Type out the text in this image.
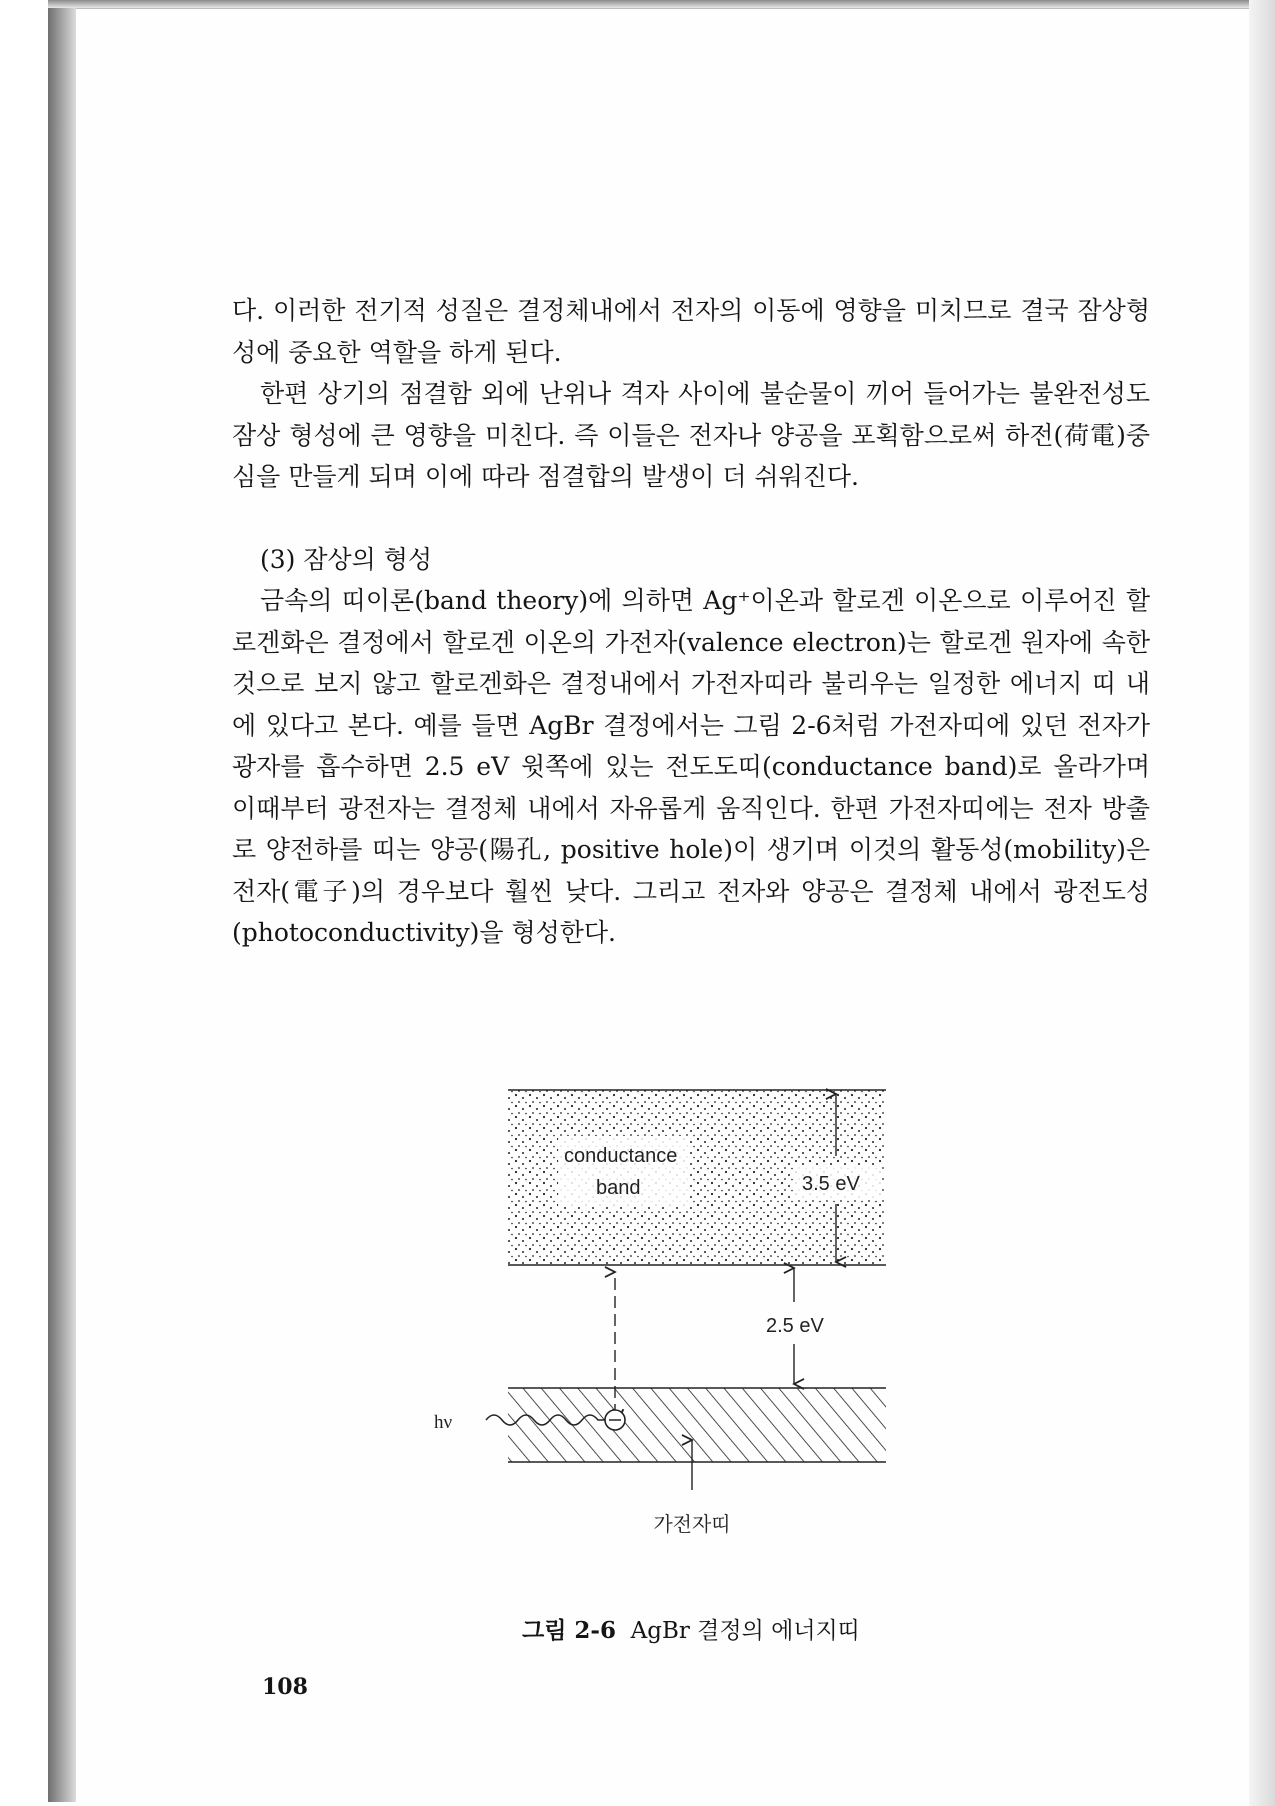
다. 이러한 전기적 성질은 결정체내에서 전자의 이동에 영향을 미치므로 결국 잠상형성에 중요한 역할을 하게 된다.

한편 상기의 점결함 외에 난위나 격자 사이에 불순물이 끼어 들어가는 불완전성도 잠상 형성에 큰 영향을 미친다. 즉 이들은 전자나 양공을 포획함으로써 하전(荷電)중심을 만들게 되며 이에 따라 점결합의 발생이 더 쉬워진다.

(3) 잠상의 형성

금속의 띠이론(band theory)에 의하면 Ag⁺이온과 할로겐 이온으로 이루어진 할로겐화은 결정에서 할로겐 이온의 가전자(valence electron)는 할로겐 원자에 속한 것으로 보지 않고 할로겐화은 결정내에서 가전자띠라 불리우는 일정한 에너지 띠 내에 있다고 본다. 예를 들면 AgBr 결정에서는 그림 2-6처럼 가전자띠에 있던 전자가 광자를 흡수하면 2.5 eV 윗쪽에 있는 전도도띠(conductance band)로 올라가며 이때부터 광전자는 결정체 내에서 자유롭게 움직인다. 한편 가전자띠에는 전자 방출로 양전하를 띠는 양공(陽孔, positive hole)이 생기며 이것의 활동성(mobility)은 전자(電子)의 경우보다 훨씬 낮다. 그리고 전자와 양공은 결정체 내에서 광전도성(photoconductivity)을 형성한다.

conductance
band	3.5 eV
2.5 eV
hν
가전자띠
그림 2-6 AgBr 결정의 에너지띠
108
